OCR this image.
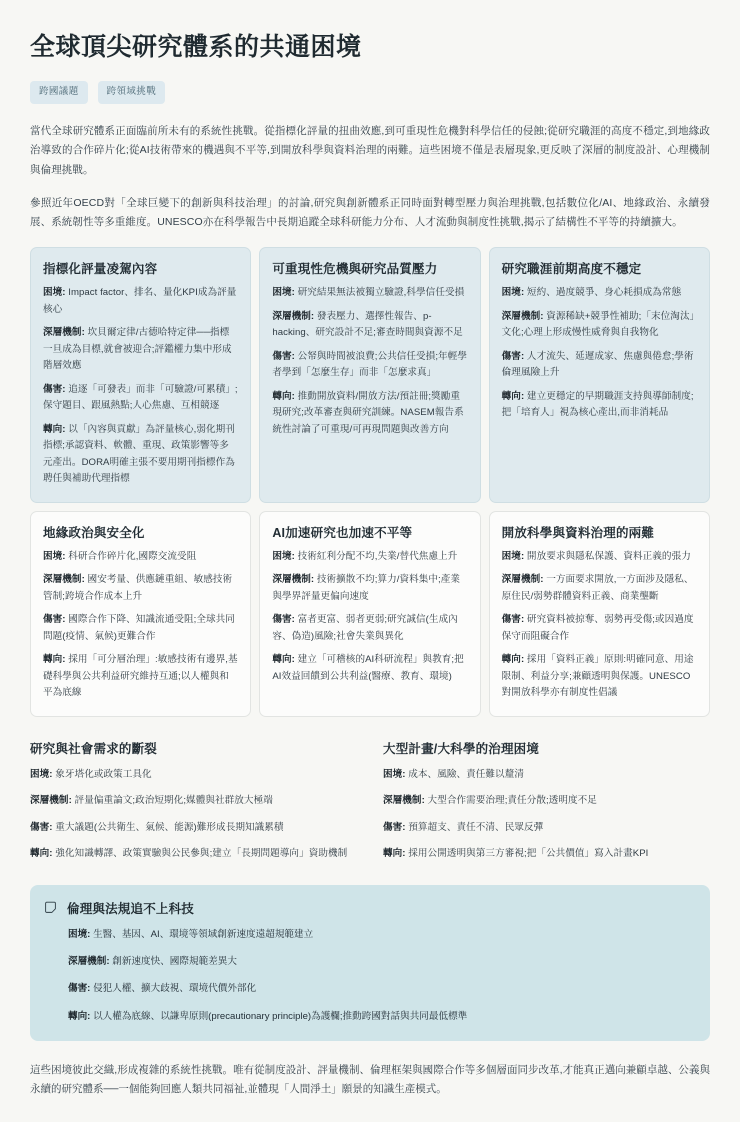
全球頂尖研究體系的共通困境
跨國議題	跨領域挑戰

當代全球研究體系正面臨前所未有的系統性挑戰。從指標化評量的扭曲效應,到可重現性危機對科學信任的侵蝕;從研究職涯的高度不穩定,到地緣政治導致的合作碎片化;從AI技術帶來的機遇與不平等,到開放科學與資料治理的兩難。這些困境不僅是表層現象,更反映了深層的制度設計、心理機制與倫理挑戰。

參照近年OECD對「全球巨變下的創新與科技治理」的討論,研究與創新體系正同時面對轉型壓力與治理挑戰,包括數位化/AI、地緣政治、永續發展、系統韌性等多重維度。UNESCO亦在科學報告中長期追蹤全球科研能力分布、人才流動與制度性挑戰,揭示了結構性不平等的持續擴大。

指標化評量凌駕內容

困境: Impact factor、排名、量化KPI成為評量核心

深層機制: 坎貝爾定律/古德哈特定律──指標一旦成為目標,就會被迎合;評鑑權力集中形成階層效應

傷害: 追逐「可發表」而非「可驗證/可累積」;保守題目、跟風熱點;人心焦慮、互相競逐

轉向: 以「內容與貢獻」為評量核心,弱化期刊指標;承認資料、軟體、重現、政策影響等多元產出。DORA明確主張不要用期刊指標作為聘任與補助代理指標

可重現性危機與研究品質壓力

困境: 研究結果無法被獨立驗證,科學信任受損

深層機制: 發表壓力、選擇性報告、p-hacking、研究設計不足;審查時間與資源不足

傷害: 公帑與時間被浪費;公共信任受損;年輕學者學到「怎麼生存」而非「怎麼求真」

轉向: 推動開放資料/開放方法/預註冊;獎勵重現研究;改革審查與研究訓練。NASEM報告系統性討論了可重現/可再現問題與改善方向

研究職涯前期高度不穩定

困境: 短約、過度競爭、身心耗損成為常態

深層機制: 資源稀缺+競爭性補助;「末位淘汰」文化;心理上形成慢性威脅與自我物化

傷害: 人才流失、延遲成家、焦慮與倦怠;學術倫理風險上升

轉向: 建立更穩定的早期職涯支持與導師制度;把「培育人」視為核心產出,而非消耗品

地緣政治與安全化

困境: 科研合作碎片化,國際交流受阻

深層機制: 國安考量、供應鏈重組、敏感技術管制;跨境合作成本上升

傷害: 國際合作下降、知識流通受阻;全球共同問題(疫情、氣候)更難合作

轉向: 採用「可分層治理」:敏感技術有邊界,基礎科學與公共利益研究維持互通;以人權與和平為底線

AI加速研究也加速不平等

困境: 技術紅利分配不均,失業/替代焦慮上升

深層機制: 技術擴散不均;算力/資料集中;產業與學界評量更偏向速度

傷害: 富者更富、弱者更弱;研究誠信(生成內容、偽造)風險;社會失業與異化

轉向: 建立「可稽核的AI科研流程」與教育;把AI效益回饋到公共利益(醫療、教育、環境)

開放科學與資料治理的兩難

困境: 開放要求與隱私保護、資料正義的張力

深層機制: 一方面要求開放,一方面涉及隱私、原住民/弱勢群體資料正義、商業壟斷

傷害: 研究資料被掠奪、弱勢再受傷;或因過度保守而阻礙合作

轉向: 採用「資料正義」原則:明確同意、用途限制、利益分享;兼顧透明與保護。UNESCO對開放科學亦有制度性倡議

研究與社會需求的斷裂

困境: 象牙塔化或政策工具化

深層機制: 評量偏重論文;政治短期化;媒體與社群放大極端

傷害: 重大議題(公共衛生、氣候、能源)難形成長期知識累積

轉向: 強化知識轉譯、政策實驗與公民參與;建立「長期問題導向」資助機制

大型計畫/大科學的治理困境

困境: 成本、風險、責任難以釐清

深層機制: 大型合作需要治理;責任分散;透明度不足

傷害: 預算超支、責任不清、民眾反彈

轉向: 採用公開透明與第三方審視;把「公共價值」寫入計畫KPI

倫理與法規追不上科技

困境: 生醫、基因、AI、環境等領域創新速度遠超規範建立

深層機制: 創新速度快、國際規範差異大

傷害: 侵犯人權、擴大歧視、環境代價外部化

轉向: 以人權為底線、以謙卑原則(precautionary principle)為護欄;推動跨國對話與共同最低標準

這些困境彼此交織,形成複雜的系統性挑戰。唯有從制度設計、評量機制、倫理框架與國際合作等多個層面同步改革,才能真正邁向兼顧卓越、公義與永續的研究體系──一個能夠回應人類共同福祉,並體現「人間淨土」願景的知識生產模式。
